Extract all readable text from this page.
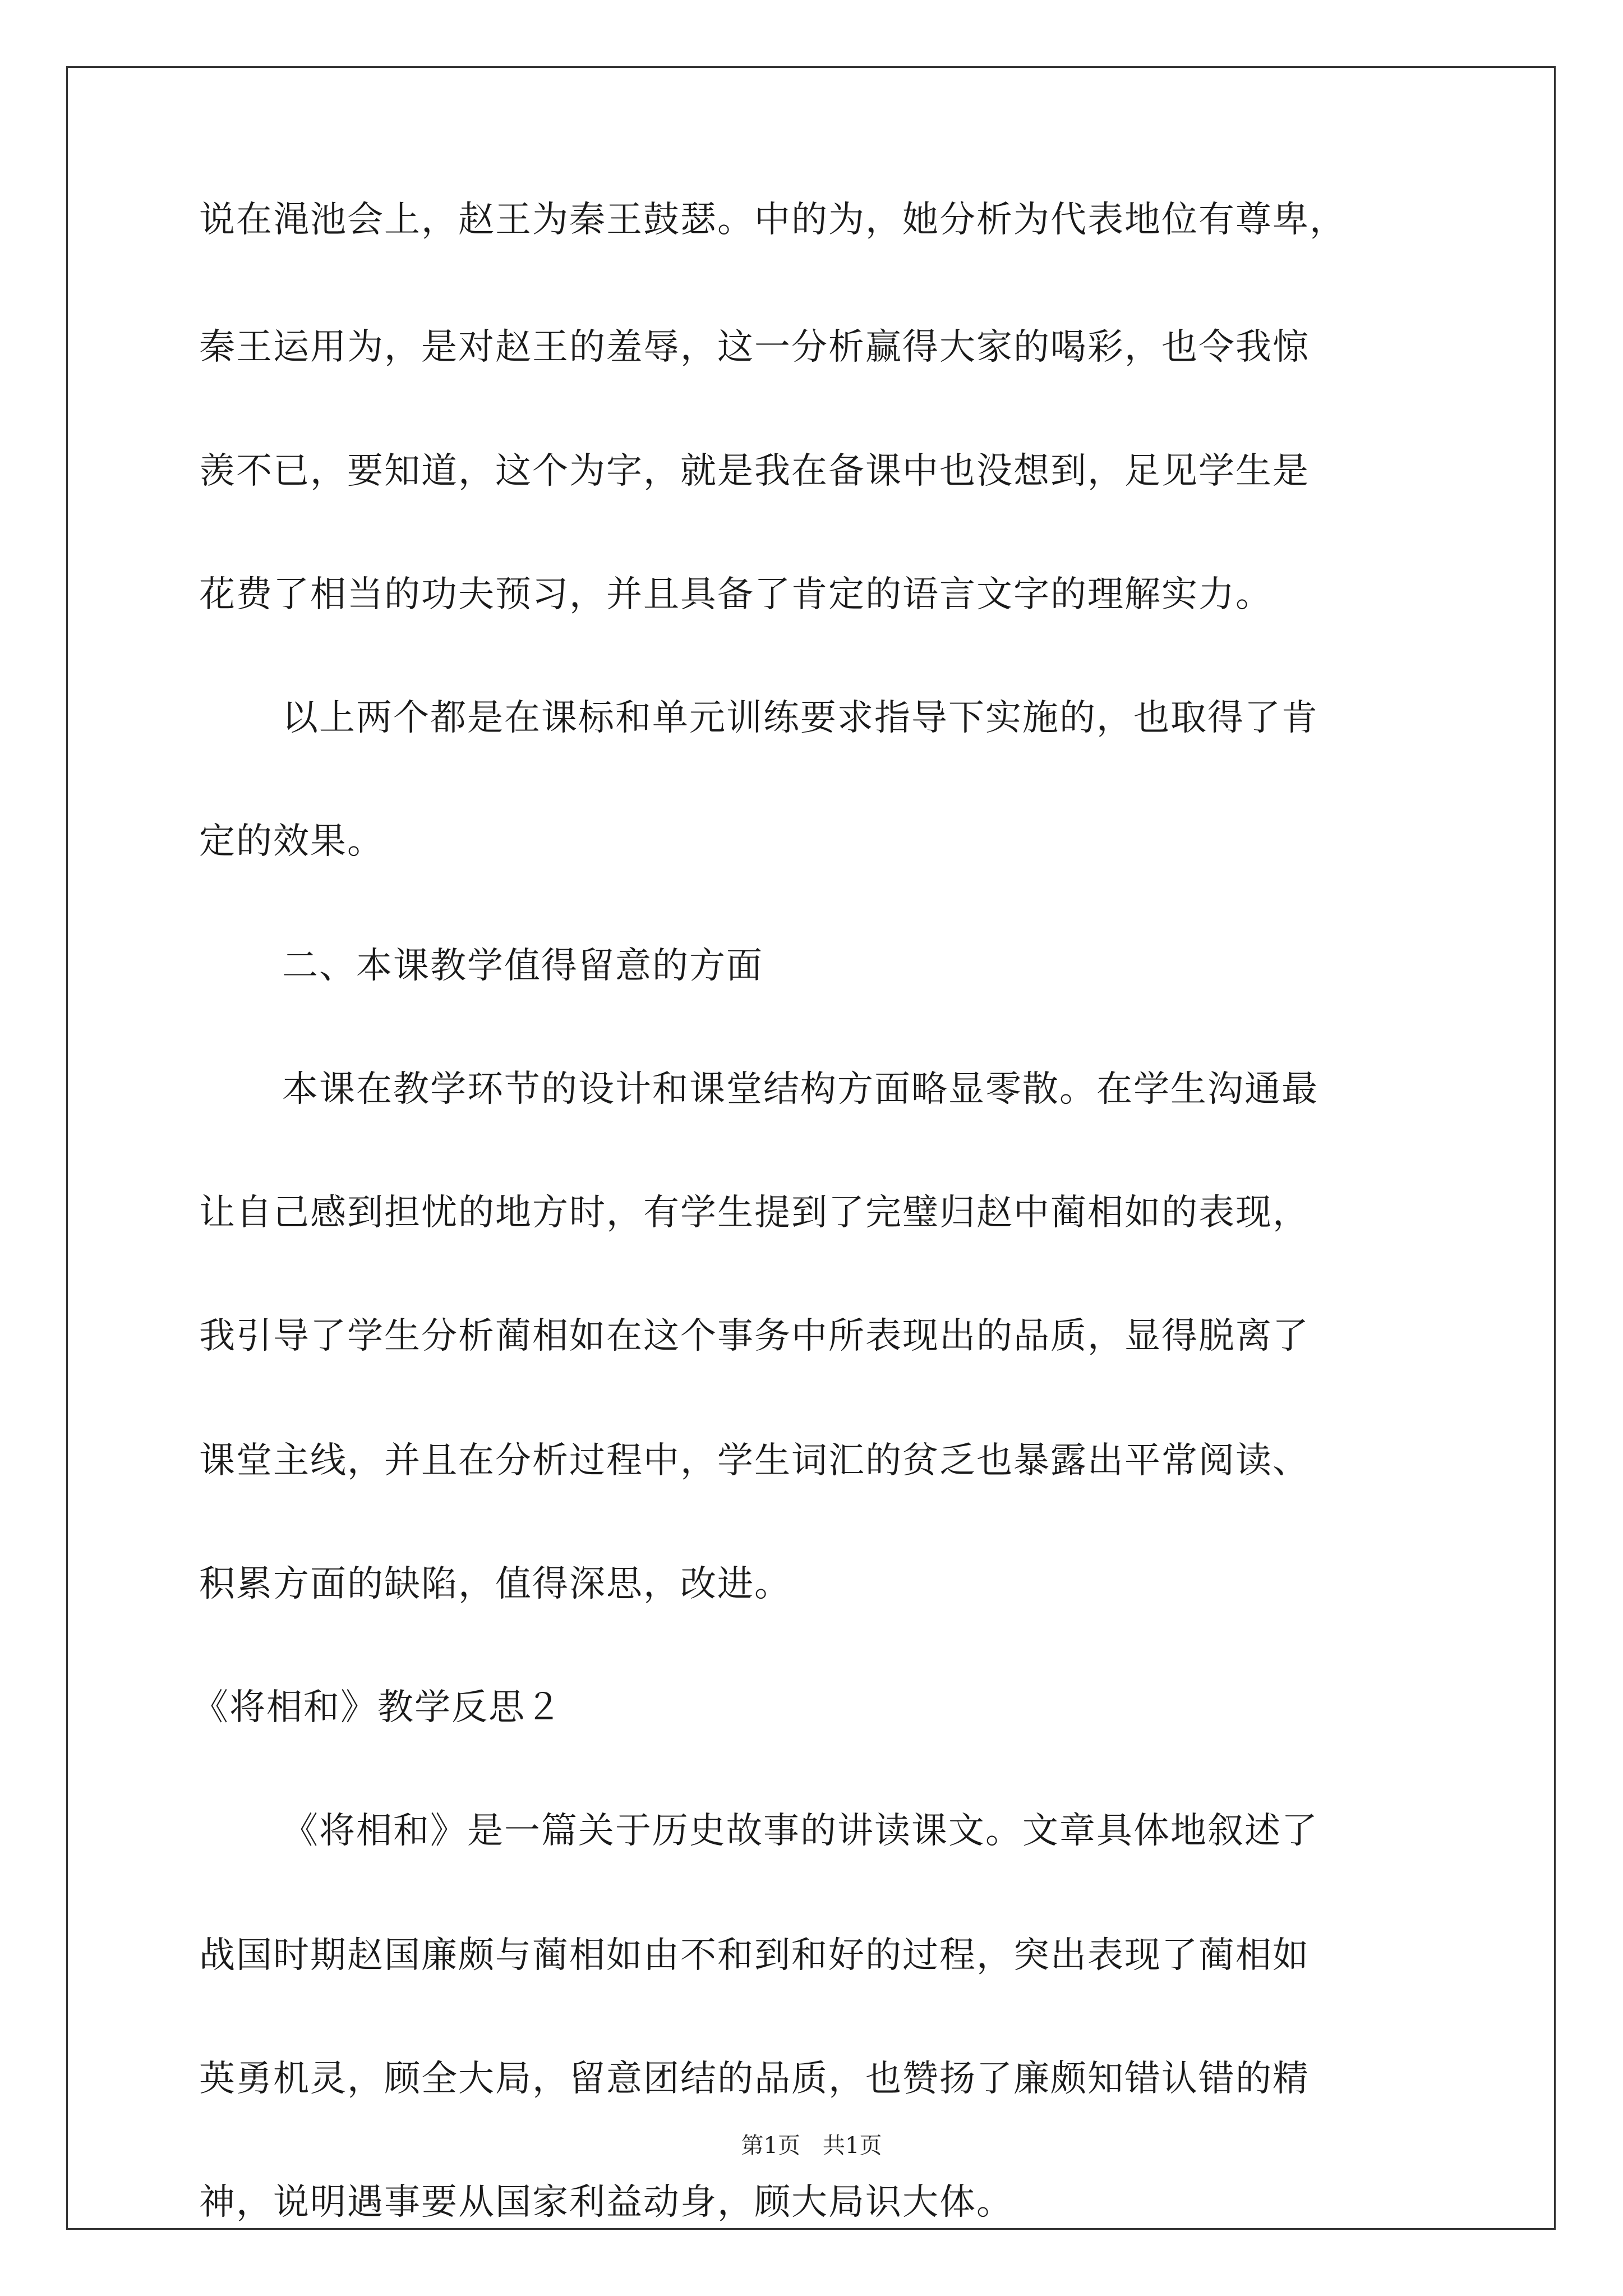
说在渑池会上，赵王为秦王鼓瑟。中的为，她分析为代表地位有尊卑，

秦王运用为，是对赵王的羞辱，这一分析赢得大家的喝彩，也令我惊

羡不已，要知道，这个为字，就是我在备课中也没想到，足见学生是

花费了相当的功夫预习，并且具备了肯定的语言文字的理解实力。

以上两个都是在课标和单元训练要求指导下实施的，也取得了肯

定的效果。

二、本课教学值得留意的方面

本课在教学环节的设计和课堂结构方面略显零散。在学生沟通最

让自己感到担忧的地方时，有学生提到了完璧归赵中蔺相如的表现，

我引导了学生分析蔺相如在这个事务中所表现出的品质，显得脱离了

课堂主线，并且在分析过程中，学生词汇的贫乏也暴露出平常阅读、

积累方面的缺陷，值得深思，改进。

《将相和》教学反思２

《将相和》是一篇关于历史故事的讲读课文。文章具体地叙述了

战国时期赵国廉颇与蔺相如由不和到和好的过程，突出表现了蔺相如

英勇机灵，顾全大局，留意团结的品质，也赞扬了廉颇知错认错的精

神，说明遇事要从国家利益动身，顾大局识大体。

第1页　共1页
